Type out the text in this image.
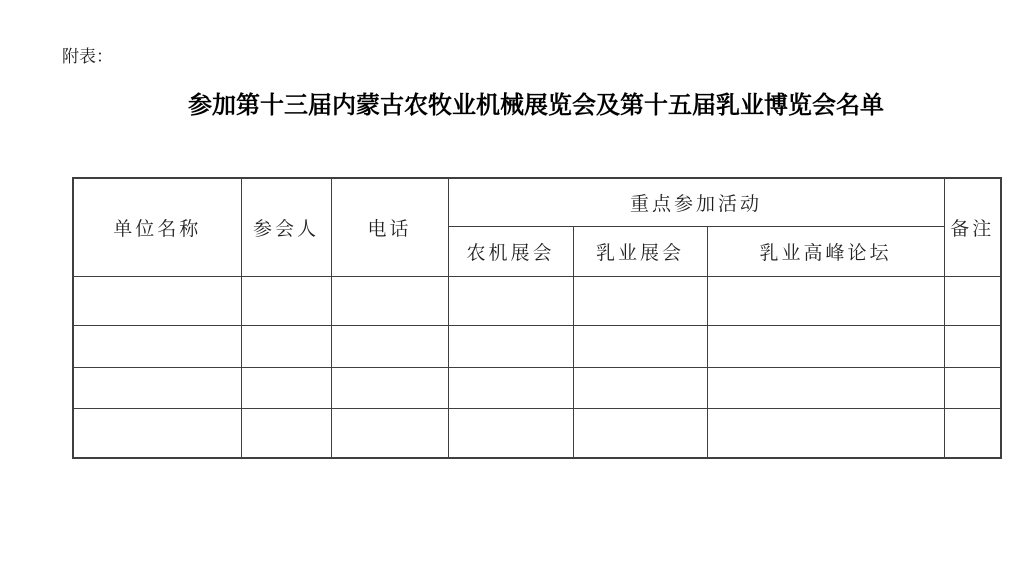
附表：
参加第十三届内蒙古农牧业机械展览会及第十五届乳业博览会名单
单位名称	参会人	电话	重点参加活动			备注
			农机展会	乳业展会	乳业高峰论坛	
